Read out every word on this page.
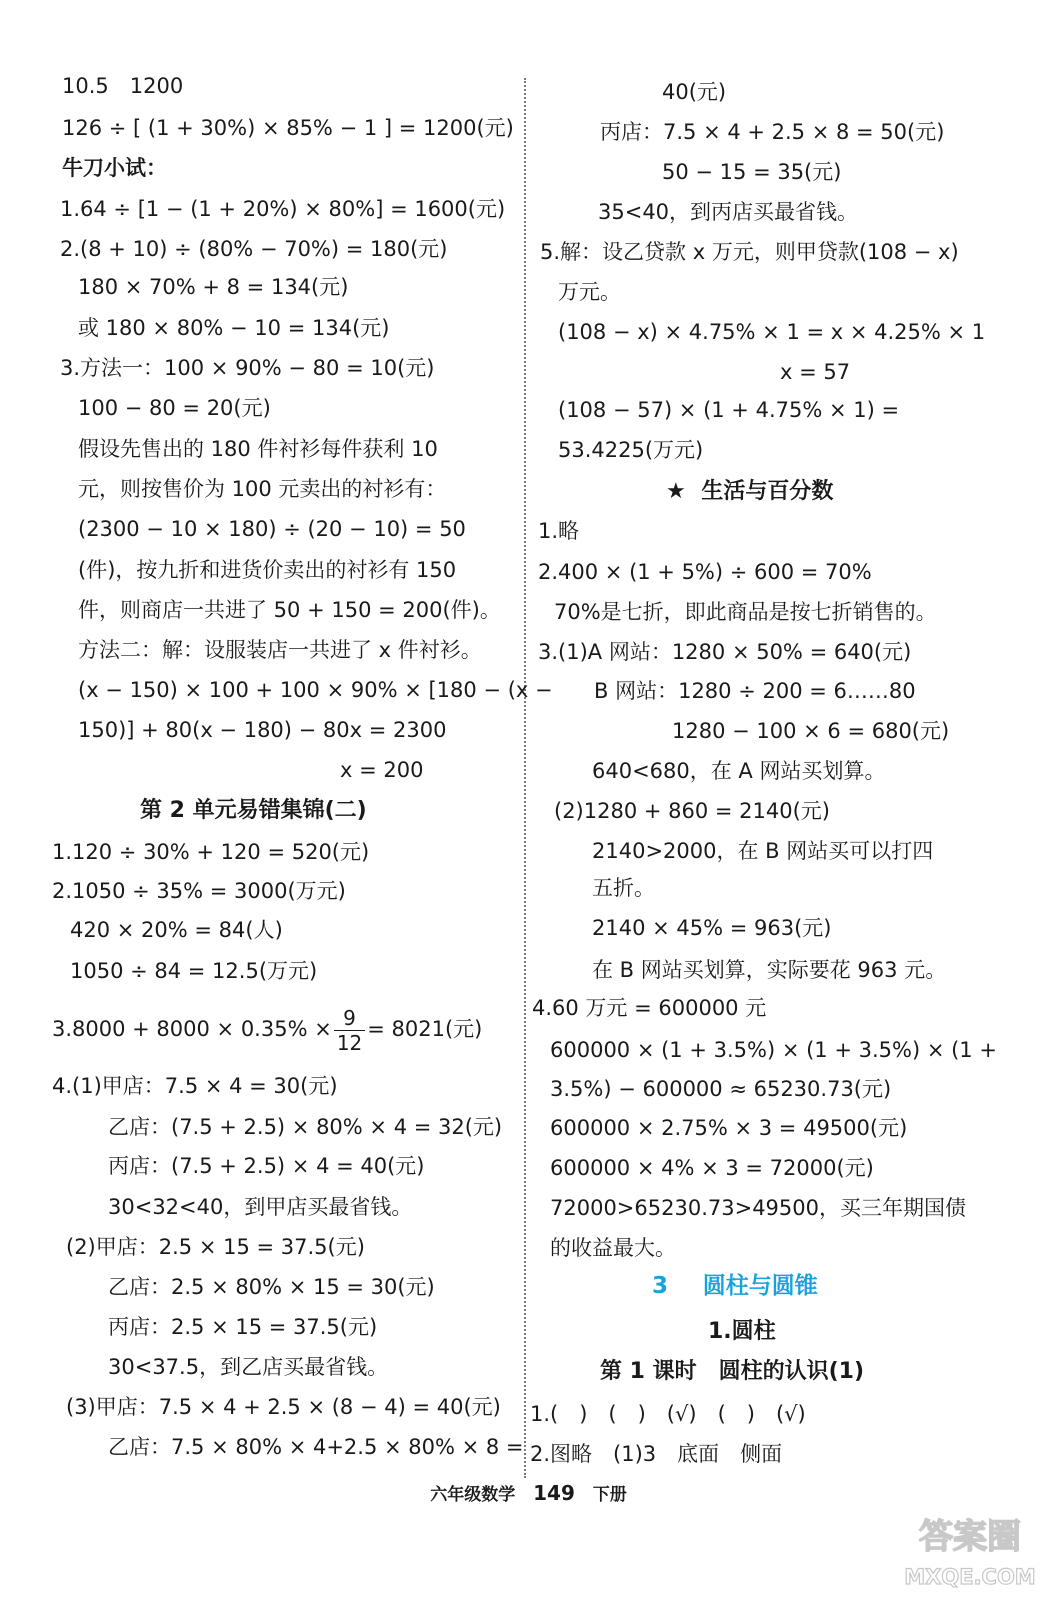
10.5　1200
126 ÷ [ (1 + 30%) × 85% − 1 ] = 1200(元)
牛刀小试：
1.64 ÷ [1 − (1 + 20%) × 80%] = 1600(元)
2.(8 + 10) ÷ (80% − 70%) = 180(元)
180 × 70% + 8 = 134(元)
或 180 × 80% − 10 = 134(元)
3.方法一：100 × 90% − 80 = 10(元)
100 − 80 = 20(元)
假设先售出的 180 件衬衫每件获利 10
元，则按售价为 100 元卖出的衬衫有：
(2300 − 10 × 180) ÷ (20 − 10) = 50
(件)，按九折和进货价卖出的衬衫有 150
件，则商店一共进了 50 + 150 = 200(件)。
方法二：解：设服装店一共进了 x 件衬衫。
(x − 150) × 100 + 100 × 90% × [180 − (x −
150)] + 80(x − 180) − 80x = 2300
x = 200
第 2 单元易错集锦(二)
1.120 ÷ 30% + 120 = 520(元)
2.1050 ÷ 35% = 3000(万元)
420 × 20% = 84(人)
1050 ÷ 84 = 12.5(万元)
$3.8000 + 8000 \times 0.35\% \times \frac{9}{12} = 8021$(元)
4.(1)甲店：7.5 × 4 = 30(元)
乙店：(7.5 + 2.5) × 80% × 4 = 32(元)
丙店：(7.5 + 2.5) × 4 = 40(元)
30<32<40，到甲店买最省钱。
(2)甲店：2.5 × 15 = 37.5(元)
乙店：2.5 × 80% × 15 = 30(元)
丙店：2.5 × 15 = 37.5(元)
30<37.5，到乙店买最省钱。
(3)甲店：7.5 × 4 + 2.5 × (8 − 4) = 40(元)
乙店：7.5 × 80% × 4+2.5 × 80% × 8 =
40(元)
丙店：7.5 × 4 + 2.5 × 8 = 50(元)
50 − 15 = 35(元)
35<40，到丙店买最省钱。
5.解：设乙贷款 x 万元，则甲贷款(108 − x)
万元。
(108 − x) × 4.75% × 1 = x × 4.25% × 1
x = 57
(108 − 57) × (1 + 4.75% × 1) =
53.4225(万元)
★ 生活与百分数
1.略
2.400 × (1 + 5%) ÷ 600 = 70%
70%是七折，即此商品是按七折销售的。
3.(1)A 网站：1280 × 50% = 640(元)
B 网站：1280 ÷ 200 = 6……80
1280 − 100 × 6 = 680(元)
640<680，在 A 网站买划算。
(2)1280 + 860 = 2140(元)
2140>2000，在 B 网站买可以打四
五折。
2140 × 45% = 963(元)
在 B 网站买划算，实际要花 963 元。
4.60 万元 = 600000 元
600000 × (1 + 3.5%) × (1 + 3.5%) × (1 +
3.5%) − 600000 ≈ 65230.73(元)
600000 × 2.75% × 3 = 49500(元)
600000 × 4% × 3 = 72000(元)
72000>65230.73>49500，买三年期国债
的收益最大。
3 圆柱与圆锥
1.圆柱
第 1 课时　圆柱的认识(1)
1.(　)　(　)　(√)　(　)　(√)
2.图略　(1)3　底面　侧面
六年级数学 149 下册
答案圈
MXQE.COM
